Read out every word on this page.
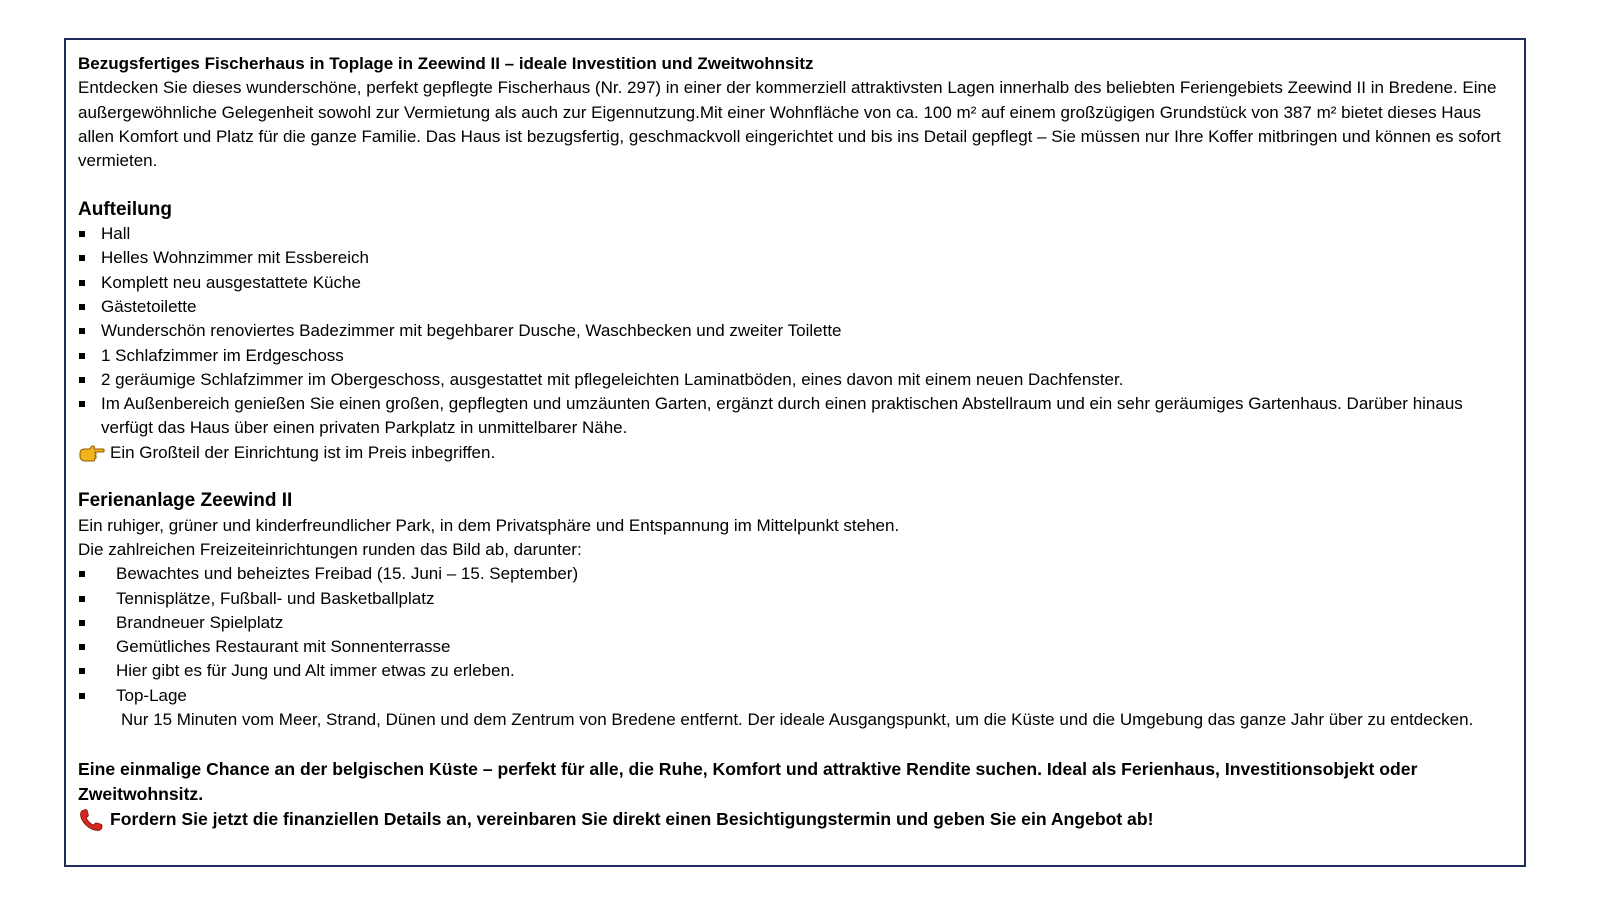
Bezugsfertiges Fischerhaus in Toplage in Zeewind II – ideale Investition und Zweitwohnsitz

Entdecken Sie dieses wunderschöne, perfekt gepflegte Fischerhaus (Nr. 297) in einer der kommerziell attraktivsten Lagen innerhalb des beliebten Feriengebiets Zeewind II in Bredene. Eine außergewöhnliche Gelegenheit sowohl zur Vermietung als auch zur Eigennutzung.Mit einer Wohnfläche von ca. 100 m² auf einem großzügigen Grundstück von 387 m² bietet dieses Haus allen Komfort und Platz für die ganze Familie. Das Haus ist bezugsfertig, geschmackvoll eingerichtet und bis ins Detail gepflegt – Sie müssen nur Ihre Koffer mitbringen und können es sofort vermieten.

Aufteilung

Hall
Helles Wohnzimmer mit Essbereich
Komplett neu ausgestattete Küche
Gästetoilette
Wunderschön renoviertes Badezimmer mit begehbarer Dusche, Waschbecken und zweiter Toilette
1 Schlafzimmer im Erdgeschoss
2 geräumige Schlafzimmer im Obergeschoss, ausgestattet mit pflegeleichten Laminatböden, eines davon mit einem neuen Dachfenster.
Im Außenbereich genießen Sie einen großen, gepflegten und umzäunten Garten, ergänzt durch einen praktischen Abstellraum und ein sehr geräumiges Gartenhaus. Darüber hinaus verfügt das Haus über einen privaten Parkplatz in unmittelbarer Nähe.

Ein Großteil der Einrichtung ist im Preis inbegriffen.

Ferienanlage Zeewind II

Ein ruhiger, grüner und kinderfreundlicher Park, in dem Privatsphäre und Entspannung im Mittelpunkt stehen.

Die zahlreichen Freizeiteinrichtungen runden das Bild ab, darunter:

Bewachtes und beheiztes Freibad (15. Juni – 15. September)
Tennisplätze, Fußball- und Basketballplatz
Brandneuer Spielplatz
Gemütliches Restaurant mit Sonnenterrasse
Hier gibt es für Jung und Alt immer etwas zu erleben.
Top-Lage

Nur 15 Minuten vom Meer, Strand, Dünen und dem Zentrum von Bredene entfernt. Der ideale Ausgangspunkt, um die Küste und die Umgebung das ganze Jahr über zu entdecken.

Eine einmalige Chance an der belgischen Küste – perfekt für alle, die Ruhe, Komfort und attraktive Rendite suchen. Ideal als Ferienhaus, Investitionsobjekt oder Zweitwohnsitz.

Fordern Sie jetzt die finanziellen Details an, vereinbaren Sie direkt einen Besichtigungstermin und geben Sie ein Angebot ab!
